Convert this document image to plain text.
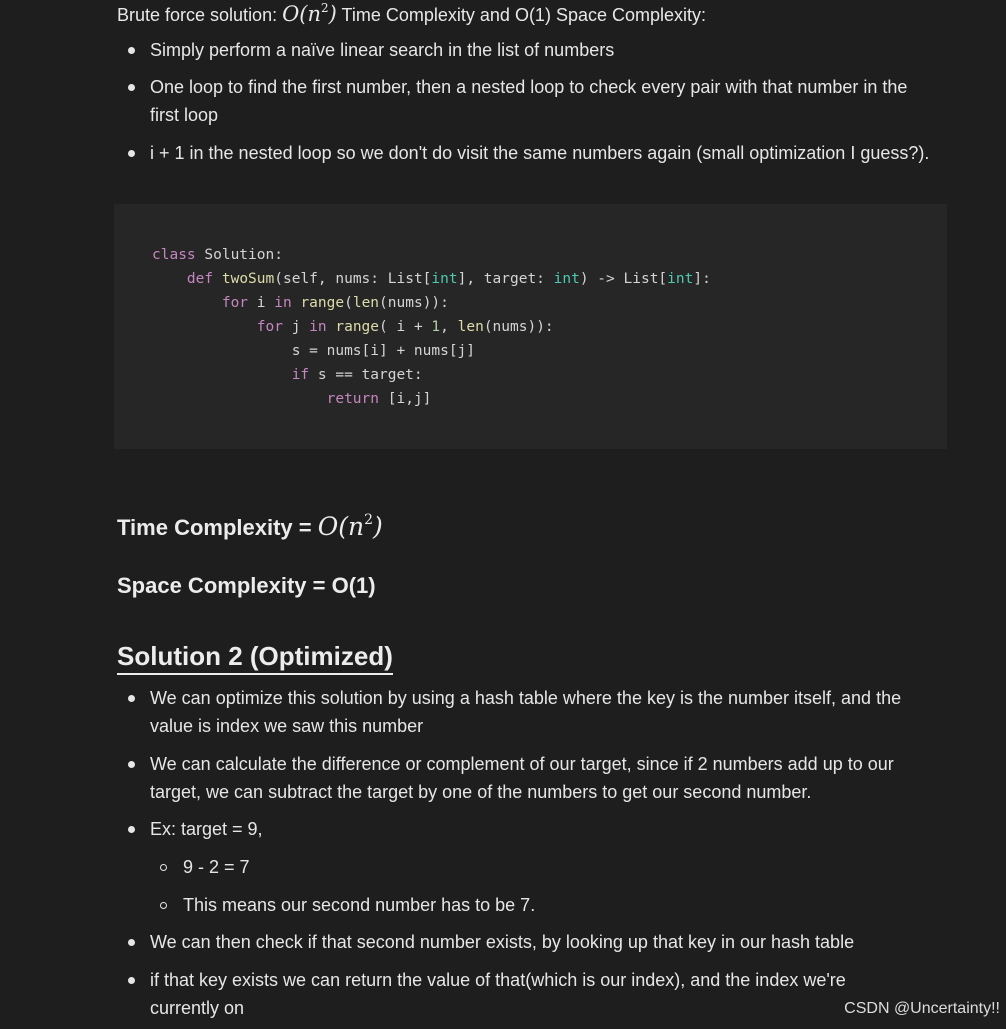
Brute force solution: $O(n^2)$ Time Complexity and O(1) Space Complexity:
Simply perform a naïve linear search in the list of numbers
One loop to find the first number, then a nested loop to check every pair with that number in the first loop
i + 1 in the nested loop so we don't do visit the same numbers again (small optimization I guess?).
class Solution:
def twoSum(self, nums: List[int], target: int) -> List[int]:
for i in range(len(nums)):
for j in range( i + 1, len(nums)):
s = nums[i] + nums[j]
if s == target:
return [i,j]
Time Complexity = $O(n^2)$
Space Complexity = O(1)
Solution 2 (Optimized)
We can optimize this solution by using a hash table where the key is the number itself, and the value is index we saw this number
We can calculate the difference or complement of our target, since if 2 numbers add up to our target, we can subtract the target by one of the numbers to get our second number.
Ex: target = 9,
9 - 2 = 7
This means our second number has to be 7.
We can then check if that second number exists, by looking up that key in our hash table
if that key exists we can return the value of that(which is our index), and the index we're currently on	CSDN @Uncertainty!!
